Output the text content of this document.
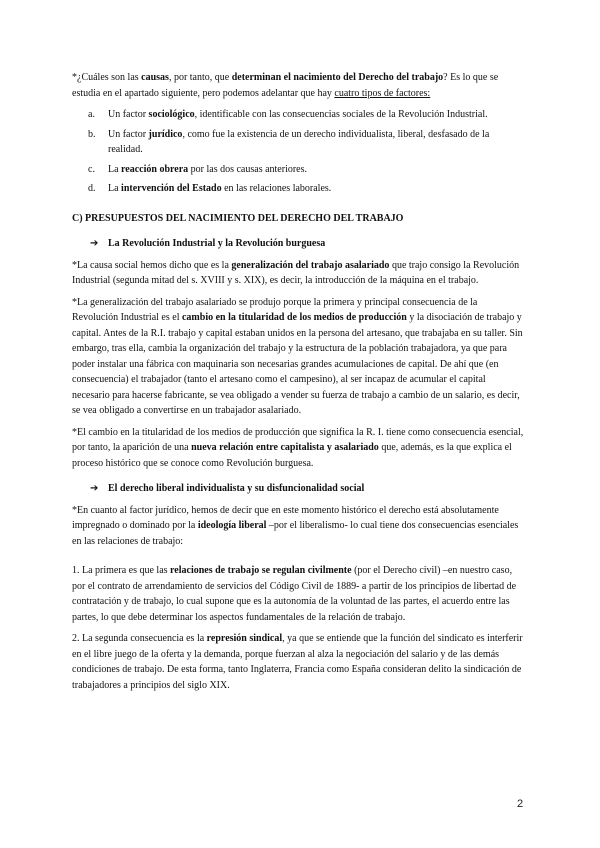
*¿Cuáles son las causas, por tanto, que determinan el nacimiento del Derecho del trabajo? Es lo que se estudia en el apartado siguiente, pero podemos adelantar que hay cuatro tipos de factores:

a. Un factor sociológico, identificable con las consecuencias sociales de la Revolución Industrial.
b. Un factor jurídico, como fue la existencia de un derecho individualista, liberal, desfasado de la realidad.
c. La reacción obrera por las dos causas anteriores.
d. La intervención del Estado en las relaciones laborales.
C) PRESUPUESTOS DEL NACIMIENTO DEL DERECHO DEL TRABAJO
➔ La Revolución Industrial y la Revolución burguesa

*La causa social hemos dicho que es la generalización del trabajo asalariado que trajo consigo la Revolución Industrial (segunda mitad del s. XVIII y s. XIX), es decir, la introducción de la máquina en el trabajo.

*La generalización del trabajo asalariado se produjo porque la primera y principal consecuencia de la Revolución Industrial es el cambio en la titularidad de los medios de producción y la disociación de trabajo y capital. Antes de la R.I. trabajo y capital estaban unidos en la persona del artesano, que trabajaba en su taller. Sin embargo, tras ella, cambia la organización del trabajo y la estructura de la población trabajadora, ya que para poder instalar una fábrica con maquinaria son necesarias grandes acumulaciones de capital. De ahí que (en consecuencia) el trabajador (tanto el artesano como el campesino), al ser incapaz de acumular el capital necesario para hacerse fabricante, se vea obligado a vender su fuerza de trabajo a cambio de un salario, es decir, se vea obligado a convertirse en un trabajador asalariado.

*El cambio en la titularidad de los medios de producción que significa la R. I. tiene como consecuencia esencial, por tanto, la aparición de una nueva relación entre capitalista y asalariado que, además, es la que explica el proceso histórico que se conoce como Revolución burguesa.

➔ El derecho liberal individualista y su disfuncionalidad social

*En cuanto al factor jurídico, hemos de decir que en este momento histórico el derecho está absolutamente impregnado o dominado por la ideología liberal –por el liberalismo- lo cual tiene dos consecuencias esenciales en las relaciones de trabajo:

1. La primera es que las relaciones de trabajo se regulan civilmente (por el Derecho civil) –en nuestro caso, por el contrato de arrendamiento de servicios del Código Civil de 1889- a partir de los principios de libertad de contratación y de trabajo, lo cual supone que es la autonomía de la voluntad de las partes, el acuerdo entre las partes, lo que debe determinar los aspectos fundamentales de la relación de trabajo.

2. La segunda consecuencia es la represión sindical, ya que se entiende que la función del sindicato es interferir en el libre juego de la oferta y la demanda, porque fuerzan al alza la negociación del salario y de las demás condiciones de trabajo. De esta forma, tanto Inglaterra, Francia como España consideran delito la sindicación de trabajadores a principios del siglo XIX.

2
